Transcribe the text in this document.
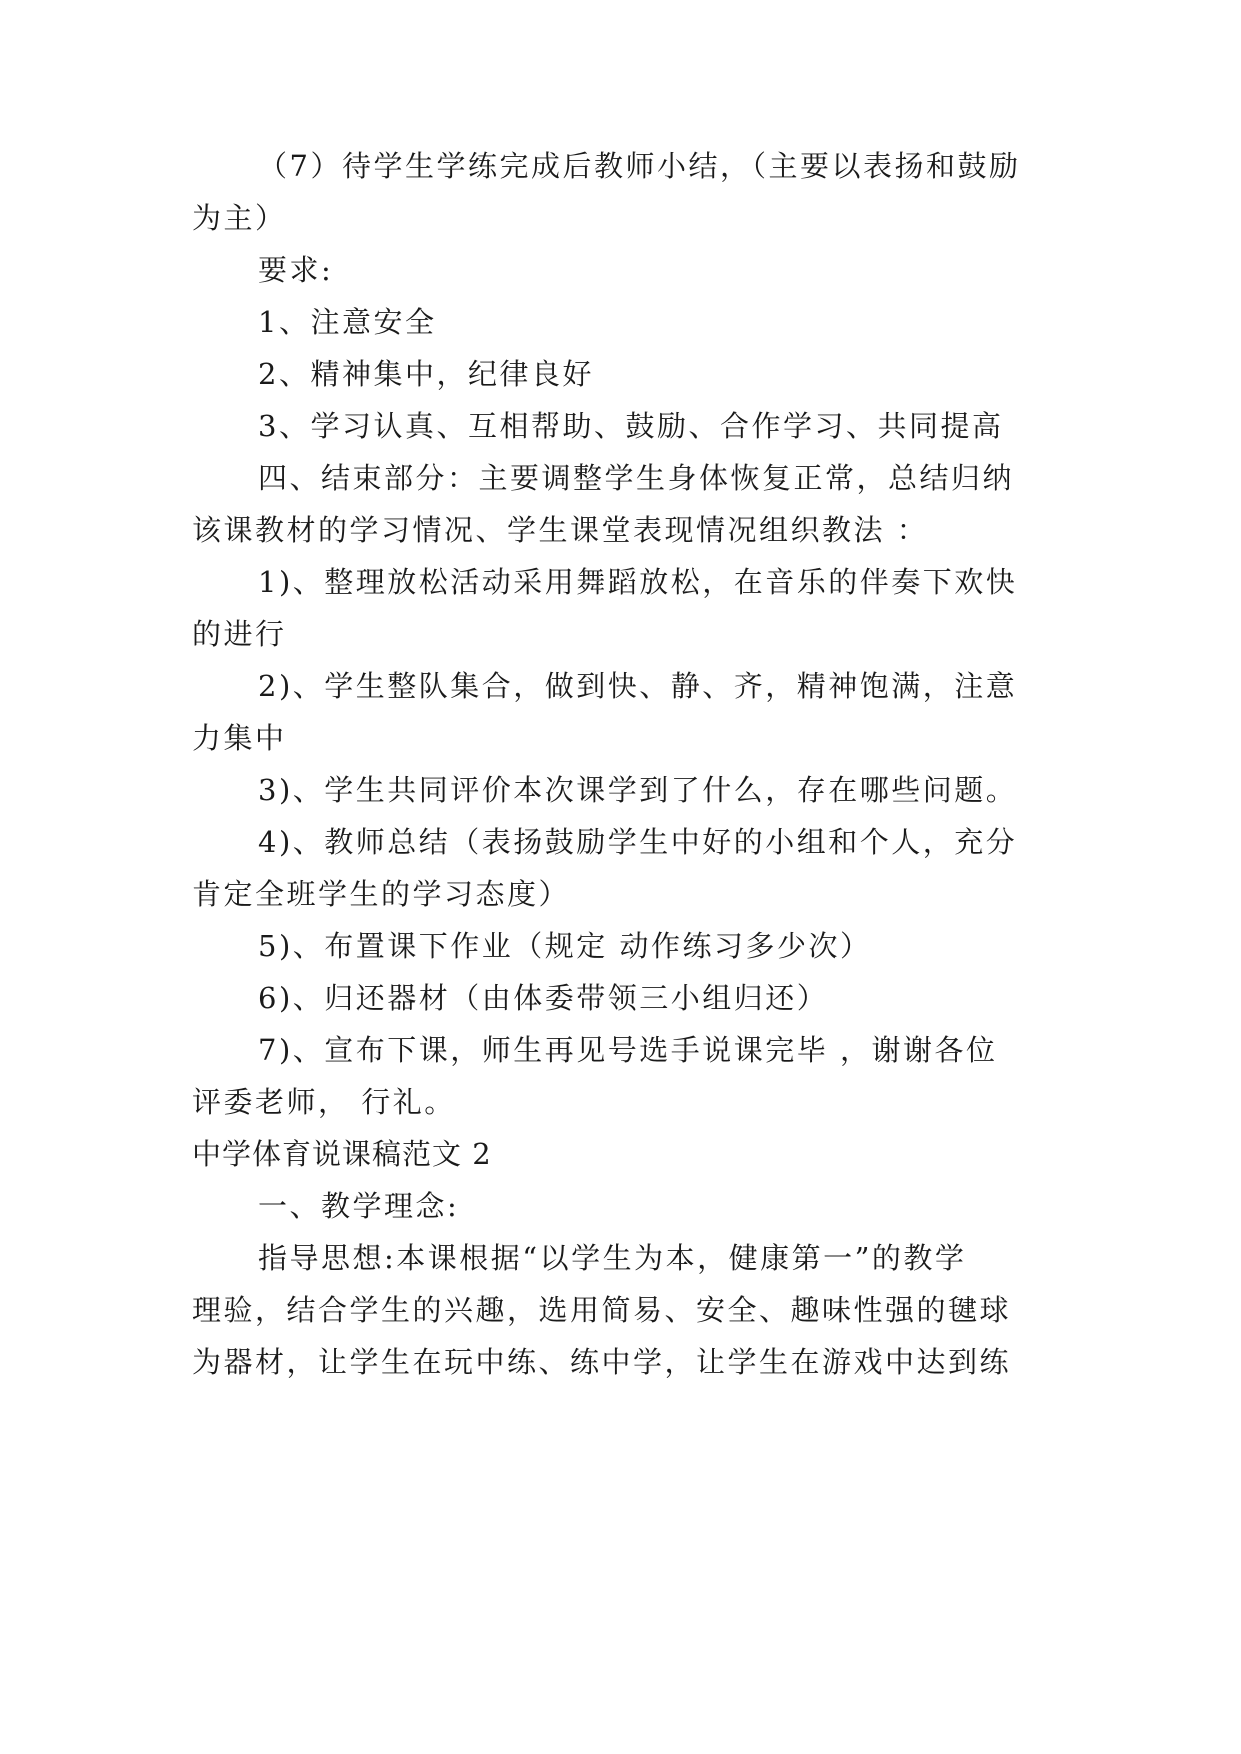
（7）待学生学练完成后教师小结，（主要以表扬和鼓励
为主）
要求:
1、注意安全
2、精神集中，纪律良好
3、学习认真、互相帮助、鼓励、合作学习、共同提高
四、结束部分：主要调整学生身体恢复正常，总结归纳
该课教材的学习情况、学生课堂表现情况组织教法 ：
1)、整理放松活动采用舞蹈放松，在音乐的伴奏下欢快
的进行
2)、学生整队集合，做到快、静、齐，精神饱满，注意
力集中
3)、学生共同评价本次课学到了什么，存在哪些问题。
4)、教师总结（表扬鼓励学生中好的小组和个人，充分
肯定全班学生的学习态度）
5)、布置课下作业（规定 动作练习多少次）
6)、归还器材（由体委带领三小组归还）
7)、宣布下课，师生再见号选手说课完毕 ，谢谢各位
评委老师， 行礼。
中学体育说课稿范文 2
一、教学理念:
指导思想:本课根据“以学生为本，健康第一”的教学
理验，结合学生的兴趣，选用简易、安全、趣味性强的毽球
为器材，让学生在玩中练、练中学，让学生在游戏中达到练
